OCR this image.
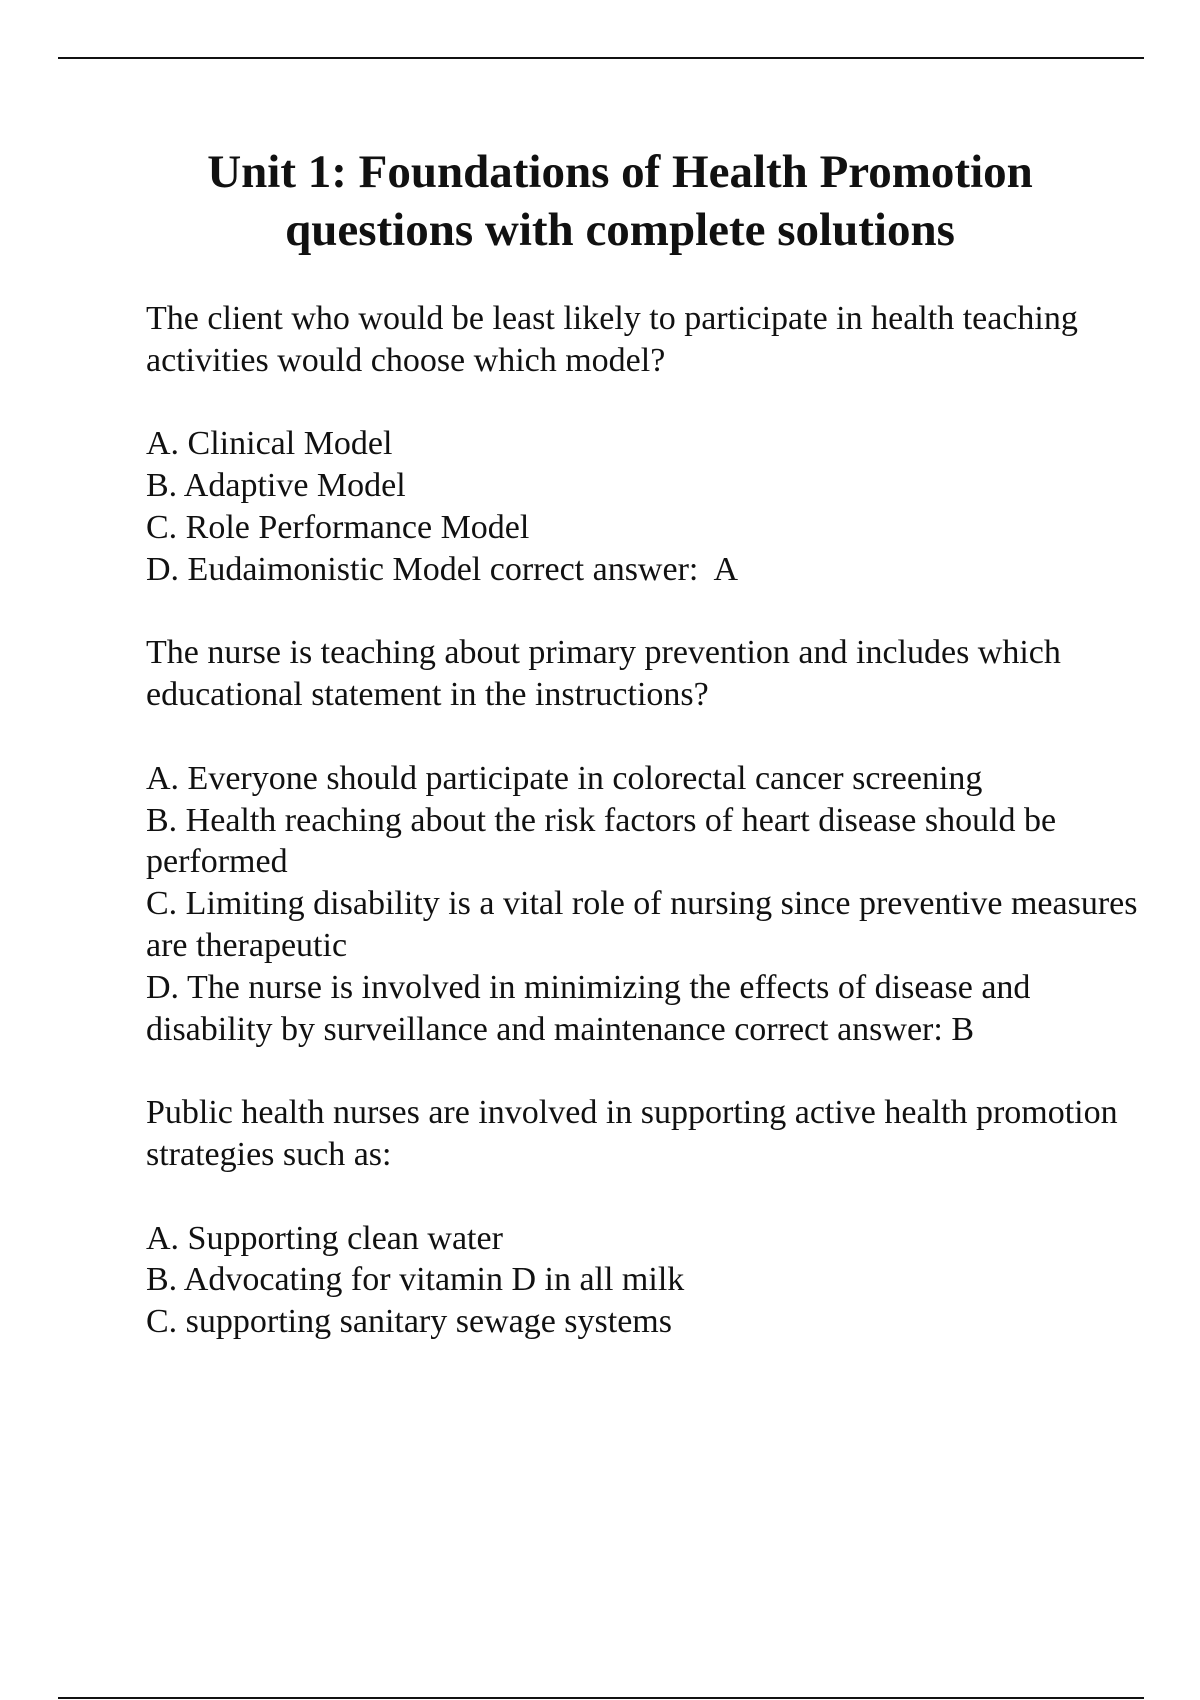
Unit 1: Foundations of Health Promotion
questions with complete solutions

The client who would be least likely to participate in health teaching activities would choose which model?

A. Clinical Model

B. Adaptive Model

C. Role Performance Model

D. Eudaimonistic Model correct answer: A

The nurse is teaching about primary prevention and includes which educational statement in the instructions?

A. Everyone should participate in colorectal cancer screening

B. Health reaching about the risk factors of heart disease should be performed

C. Limiting disability is a vital role of nursing since preventive measures are therapeutic

D. The nurse is involved in minimizing the effects of disease and disability by surveillance and maintenance correct answer: B

Public health nurses are involved in supporting active health promotion strategies such as:

A. Supporting clean water

B. Advocating for vitamin D in all milk

C. supporting sanitary sewage systems
